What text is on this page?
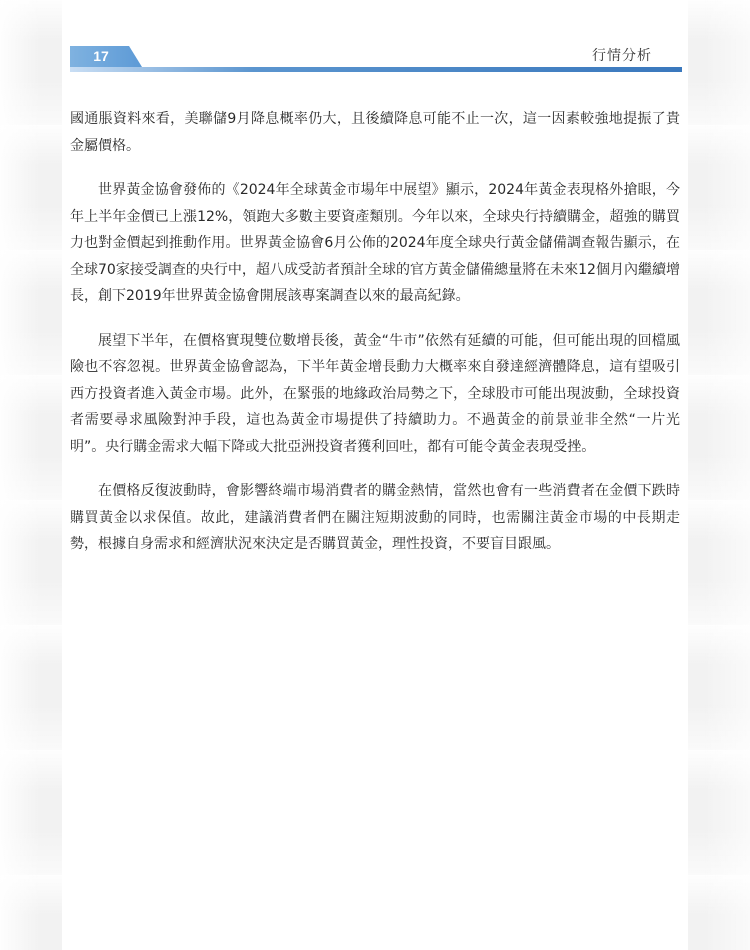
17	行情分析

國通脹資料來看，美聯儲9月降息概率仍大，且後續降息可能不止一次，這一因素較強地提振了貴金屬價格。

世界黃金協會發佈的《2024年全球黃金市場年中展望》顯示，2024年黃金表現格外搶眼，今年上半年金價已上漲12%，領跑大多數主要資產類別。今年以來，全球央行持續購金，超強的購買力也對金價起到推動作用。世界黃金協會6月公佈的2024年度全球央行黃金儲備調查報告顯示，在全球70家接受調查的央行中，超八成受訪者預計全球的官方黃金儲備總量將在未來12個月內繼續增長，創下2019年世界黃金協會開展該專案調查以來的最高紀錄。

展望下半年，在價格實現雙位數增長後，黃金“牛市”依然有延續的可能，但可能出現的回檔風險也不容忽視。世界黃金協會認為，下半年黃金增長動力大概率來自發達經濟體降息，這有望吸引西方投資者進入黃金市場。此外，在緊張的地緣政治局勢之下，全球股市可能出現波動，全球投資者需要尋求風險對沖手段，這也為黃金市場提供了持續助力。不過黃金的前景並非全然“一片光明”。央行購金需求大幅下降或大批亞洲投資者獲利回吐，都有可能令黃金表現受挫。

在價格反復波動時，會影響終端市場消費者的購金熱情，當然也會有一些消費者在金價下跌時購買黃金以求保值。故此，建議消費者們在關注短期波動的同時，也需關注黃金市場的中長期走勢，根據自身需求和經濟狀況來決定是否購買黃金，理性投資，不要盲目跟風。
